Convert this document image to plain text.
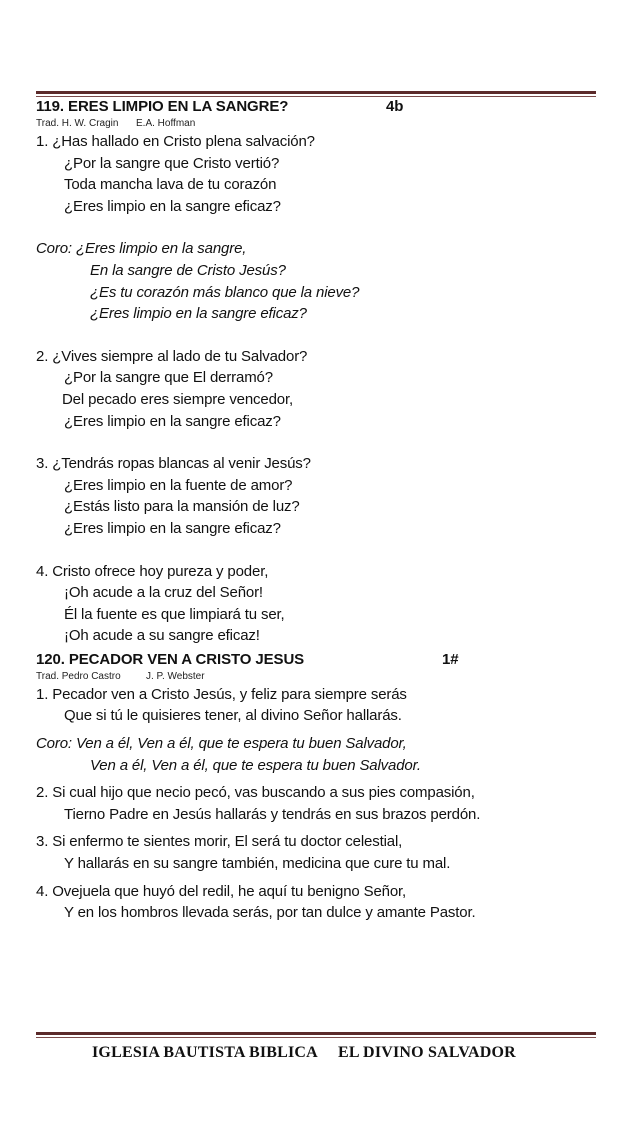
119. ERES LIMPIO EN LA SANGRE?	4b
Trad. H. W. Cragin E.A. Hoffman
1. ¿Has hallado en Cristo plena salvación?
¿Por la sangre que Cristo vertió?
Toda mancha lava de tu corazón
¿Eres limpio en la sangre eficaz?
Coro: ¿Eres limpio en la sangre,
En la sangre de Cristo Jesús?
¿Es tu corazón más blanco que la nieve?
¿Eres limpio en la sangre eficaz?
2. ¿Vives siempre al lado de tu Salvador?
¿Por la sangre que El derramó?
Del pecado eres siempre vencedor,
¿Eres limpio en la sangre eficaz?
3. ¿Tendrás ropas blancas al venir Jesús?
¿Eres limpio en la fuente de amor?
¿Estás listo para la mansión de luz?
¿Eres limpio en la sangre eficaz?
4. Cristo ofrece hoy pureza y poder,
¡Oh acude a la cruz del Señor!
Él la fuente es que limpiará tu ser,
¡Oh acude a su sangre eficaz!
120. PECADOR VEN A CRISTO JESUS	1#
Trad. Pedro Castro	J. P. Webster
1. Pecador ven a Cristo Jesús, y feliz para siempre serás
Que si tú le quisieres tener, al divino Señor hallarás.
Coro: Ven a él, Ven a él, que te espera tu buen Salvador,
Ven a él, Ven a él, que te espera tu buen Salvador.
2. Si cual hijo que necio pecó, vas buscando a sus pies compasión,
Tierno Padre en Jesús hallarás y tendrás en sus brazos perdón.
3. Si enfermo te sientes morir, El será tu doctor celestial,
Y hallarás en su sangre también, medicina que cure tu mal.
4. Ovejuela que huyó del redil, he aquí tu benigno Señor,
Y en los hombros llevada serás, por tan dulce y amante Pastor.
IGLESIA BAUTISTA BIBLICA EL DIVINO SALVADOR
